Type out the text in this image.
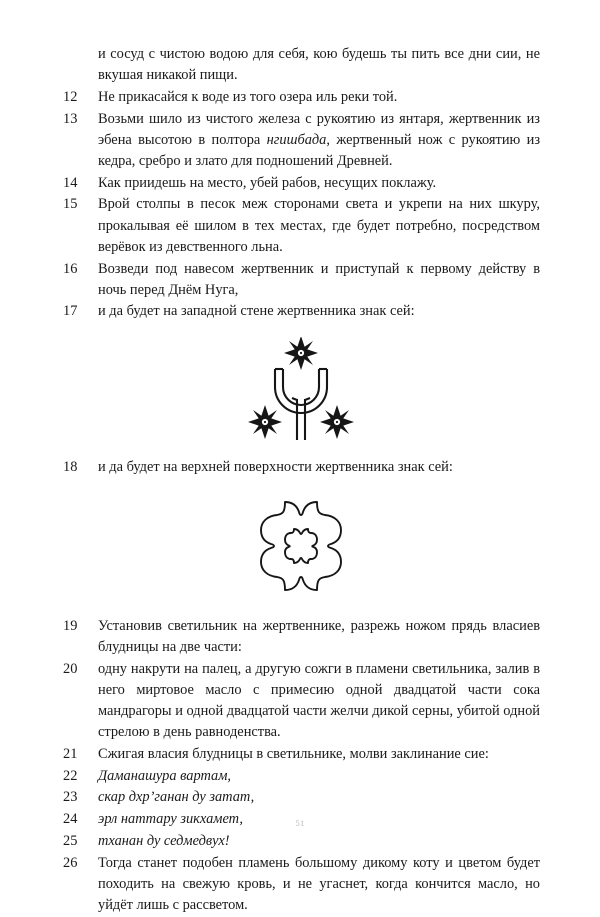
и сосуд с чистою водою для себя, кою будешь ты пить все дни сии, не вкушая никакой пищи.
12	Не прикасайся к воде из того озера иль реки той.
13	Возьми шило из чистого железа с рукоятию из янтаря, жертвенник из эбена высотою в полтора нгишбада, жертвенный нож с рукоятию из кедра, сребро и злато для подношений Древней.
14	Как приидешь на место, убей рабов, несущих поклажу.
15	Врой столпы в песок меж сторонами света и укрепи на них шкуру, прокалывая её шилом в тех местах, где будет потребно, посредством верёвок из девственного льна.
16	Возведи под навесом жертвенник и приступай к первому действу в ночь перед Днём Нуга,
17	и да будет на западной стене жертвенника знак сей:
18	и да будет на верхней поверхности жертвенника знак сей:
19	Установив светильник на жертвеннике, разрежь ножом прядь власиев блудницы на две части:
20	одну накрути на палец, а другую сожги в пламени светильника, залив в него миртовое масло с примесию одной двадцатой части сока мандрагоры и одной двадцатой части желчи дикой серны, убитой одной стрелою в день равноденства.
21	Сжигая власия блудницы в светильнике, молви заклинание сие:
22	Даманашура вартам,
23	скар дхр’ганан ду затат,
24	эрл наттару зикхамет,
25	тханан ду седмедвух!
26	Тогда станет подобен пламень большому дикому коту и цветом будет походить на свежую кровь, и не угаснет, когда кончится масло, но уйдёт лишь с рассветом.
51
